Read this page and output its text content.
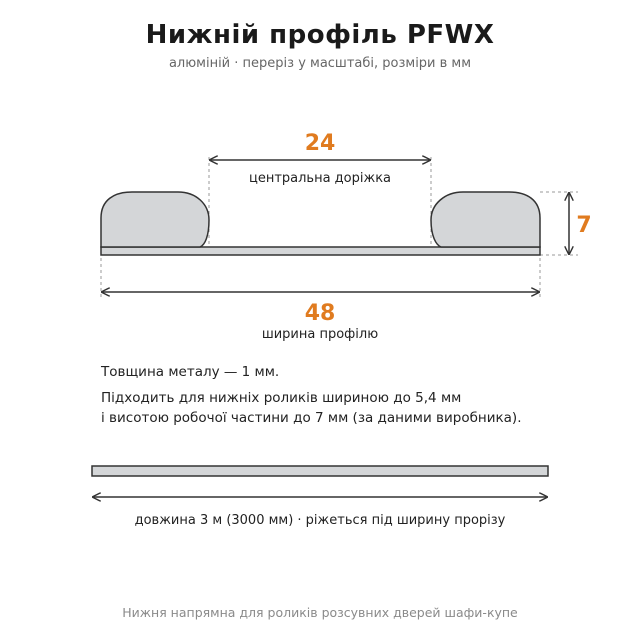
Нижній профіль PFWX
алюміній · переріз у масштабі, розміри в мм
24
центральна доріжка
7
48
ширина профілю
довжина 3 м (3000 мм) · ріжеться під ширину прорізу
Товщина металу — 1 мм.
Підходить для нижніх роликів шириною до 5,4 мм
і висотою робочої частини до 7 мм (за даними виробника).
Нижня напрямна для роликів розсувних дверей шафи-купе
